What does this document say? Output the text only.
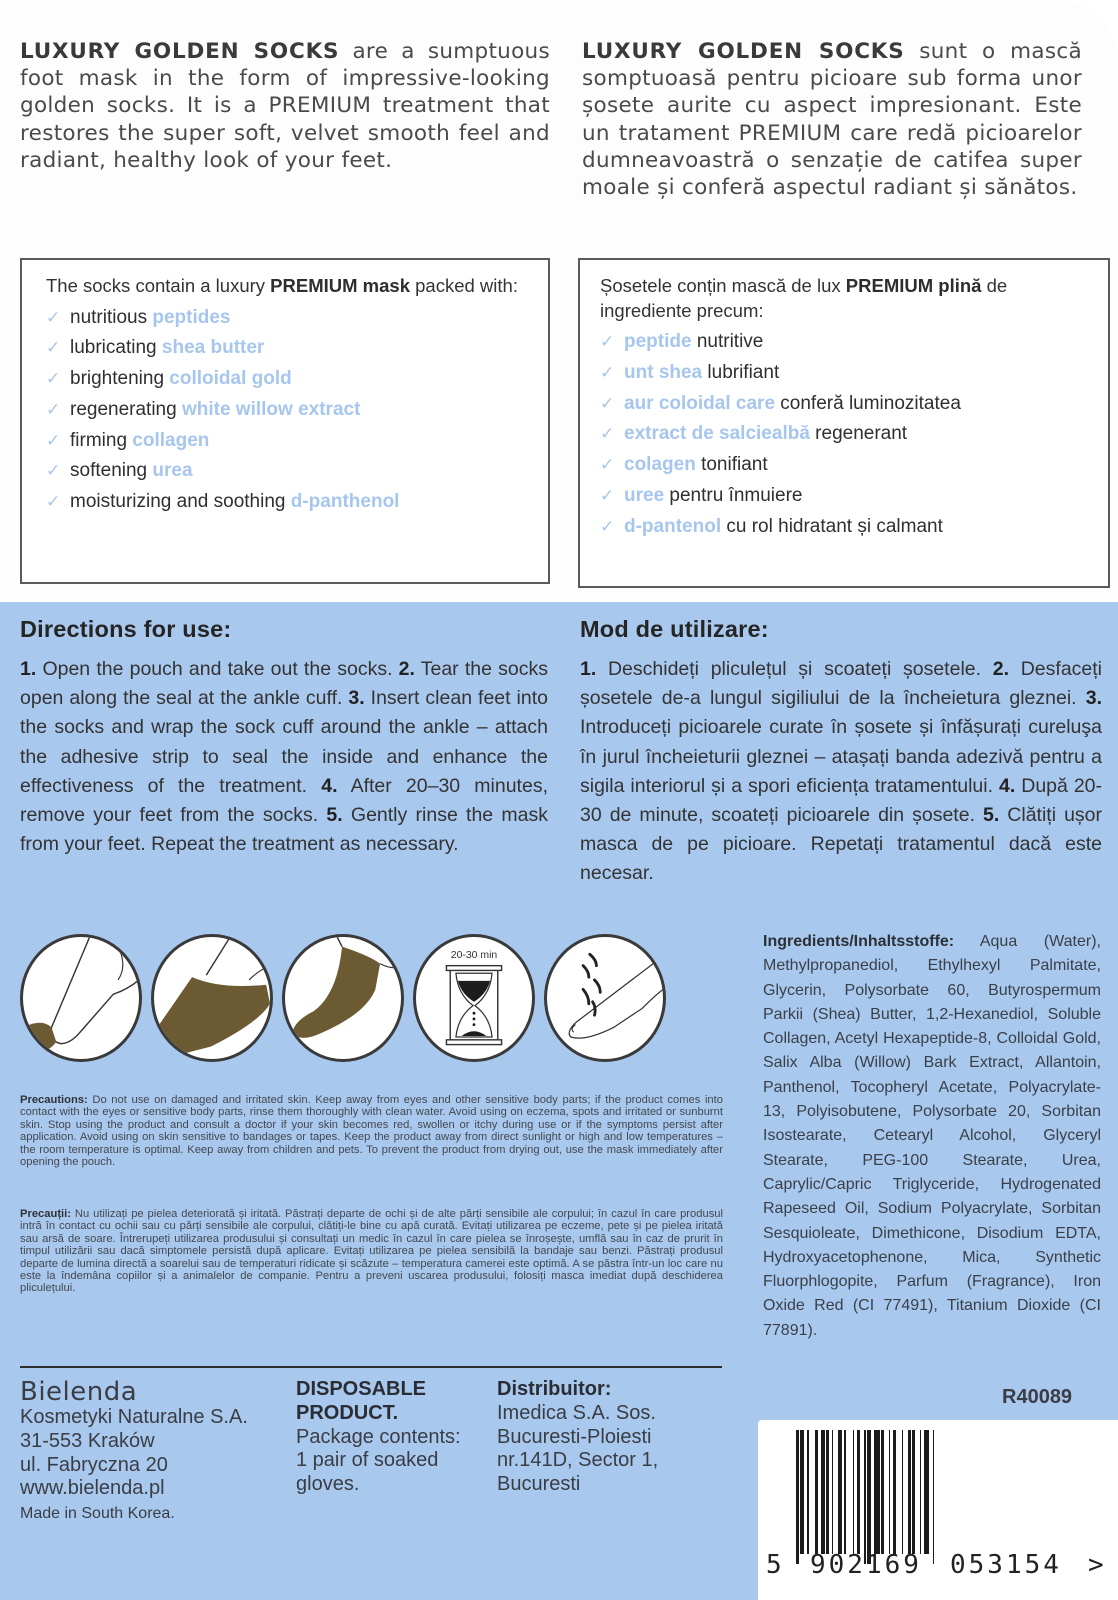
LUXURY GOLDEN SOCKS are a sumptuous foot mask in the form of impressive-looking golden socks. It is a PREMIUM treatment that restores the super soft, velvet smooth feel and radiant, healthy look of your feet.
LUXURY GOLDEN SOCKS sunt o mască somptuoasă pentru picioare sub forma unor șosete aurite cu aspect impresionant. Este un tratament PREMIUM care redă picioarelor dumneavoastră o senzație de catifea super moale și conferă aspectul radiant și sănătos.
The socks contain a luxury PREMIUM mask packed with:
✓ nutritious peptides
✓ lubricating shea butter
✓ brightening colloidal gold
✓ regenerating white willow extract
✓ firming collagen
✓ softening urea
✓ moisturizing and soothing d-panthenol
Șosetele conțin mască de lux PREMIUM plină de ingrediente precum:
✓ peptide nutritive
✓ unt shea lubrifiant
✓ aur coloidal care conferă luminozitatea
✓ extract de salciealbă regenerant
✓ colagen tonifiant
✓ uree pentru înmuiere
✓ d-pantenol cu rol hidratant și calmant
Directions for use:

1. Open the pouch and take out the socks. 2. Tear the socks open along the seal at the ankle cuff. 3. Insert clean feet into the socks and wrap the sock cuff around the ankle – attach the adhesive strip to seal the inside and enhance the effectiveness of the treatment. 4. After 20–30 minutes, remove your feet from the socks. 5. Gently rinse the mask from your feet. Repeat the treatment as necessary.

Mod de utilizare:

1. Deschideți pliculețul și scoateți șosetele. 2. Desfaceți șosetele de-a lungul sigiliului de la încheietura gleznei. 3. Introduceți picioarele curate în șosete și înfășurați cureluşa în jurul încheieturii gleznei – atașați banda adezivă pentru a sigila interiorul și a spori eficiența tratamentului. 4. După 20-30 de minute, scoateți picioarele din șosete. 5. Clătiți ușor masca de pe picioare. Repetați tratamentul dacă este necesar.

20-30 min
Ingredients/Inhaltsstoffe: Aqua (Water), Methylpropanediol, Ethylhexyl Palmitate, Glycerin, Polysorbate 60, Butyrospermum Parkii (Shea) Butter, 1,2-Hexanediol, Soluble Collagen, Acetyl Hexapeptide-8, Colloidal Gold, Salix Alba (Willow) Bark Extract, Allantoin, Panthenol, Tocopheryl Acetate, Polyacrylate-13, Polyisobutene, Polysorbate 20, Sorbitan Isostearate, Cetearyl Alcohol, Glyceryl Stearate, PEG-100 Stearate, Urea, Caprylic/Capric Triglyceride, Hydrogenated Rapeseed Oil, Sodium Polyacrylate, Sorbitan Sesquioleate, Dimethicone, Disodium EDTA, Hydroxyacetophenone, Mica, Synthetic Fluorphlogopite, Parfum (Fragrance), Iron Oxide Red (CI 77491), Titanium Dioxide (CI 77891).
Precautions: Do not use on damaged and irritated skin. Keep away from eyes and other sensitive body parts; if the product comes into contact with the eyes or sensitive body parts, rinse them thoroughly with clean water. Avoid using on eczema, spots and irritated or sunburnt skin. Stop using the product and consult a doctor if your skin becomes red, swollen or itchy during use or if the symptoms persist after application. Avoid using on skin sensitive to bandages or tapes. Keep the product away from direct sunlight or high and low temperatures – the room temperature is optimal. Keep away from children and pets. To prevent the product from drying out, use the mask immediately after opening the pouch.
Precauții: Nu utilizați pe pielea deteriorată și iritată. Păstrați departe de ochi și de alte părți sensibile ale corpului; în cazul în care produsul intră în contact cu ochii sau cu părți sensibile ale corpului, clătiți-le bine cu apă curată. Evitați utilizarea pe eczeme, pete și pe pielea iritată sau arsă de soare. Întrerupeți utilizarea produsului și consultați un medic în cazul în care pielea se înroșește, umflă sau în caz de prurit în timpul utilizării sau dacă simptomele persistă după aplicare. Evitați utilizarea pe pielea sensibilă la bandaje sau benzi. Păstrați produsul departe de lumina directă a soarelui sau de temperaturi ridicate și scăzute – temperatura camerei este optimă. A se păstra într-un loc care nu este la îndemâna copiilor și a animalelor de companie. Pentru a preveni uscarea produsului, folosiți masca imediat după deschiderea pliculețului.
Bielenda
Kosmetyki Naturalne S.A.
31-553 Kraków
ul. Fabryczna 20
www.bielenda.pl
Made in South Korea.
DISPOSABLE
PRODUCT.
Package contents:
1 pair of soaked
gloves.
Distribuitor:
Imedica S.A. Sos.
Bucuresti-Ploiesti
nr.141D, Sector 1,
Bucuresti
R40089
5 902169 053154 >
